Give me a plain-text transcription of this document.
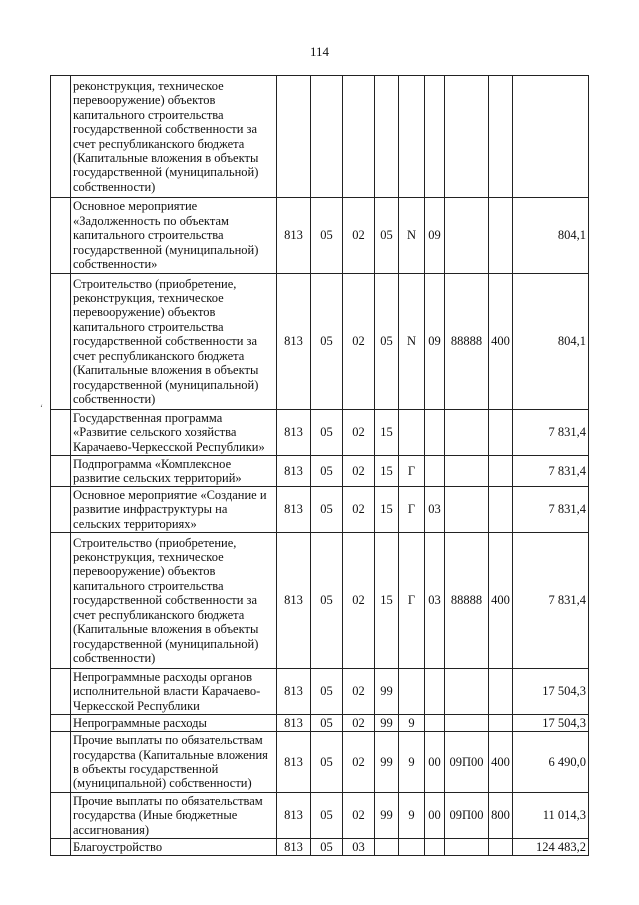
114
‘
	реконструкция, техническое перевооружение) объектов капитального строительства государственной собственности за счет республиканского бюджета (Капитальные вложения в объекты государственной (муниципальной) собственности)									
	Основное мероприятие «Задолженность по объектам капитального строительства государственной (муниципальной) собственности»	813	05	02	05	N	09			804,1
	Строительство (приобретение, реконструкция, техническое перевооружение) объектов капитального строительства государственной собственности за счет республиканского бюджета (Капитальные вложения в объекты государственной (муниципальной) собственности)	813	05	02	05	N	09	88888	400	804,1
	Государственная программа «Развитие сельского хозяйства Карачаево-Черкесской Республики»	813	05	02	15					7 831,4
	Подпрограмма «Комплексное развитие сельских территорий»	813	05	02	15	Г				7 831,4
	Основное мероприятие «Создание и развитие инфраструктуры на сельских территориях»	813	05	02	15	Г	03			7 831,4
	Строительство (приобретение, реконструкция, техническое перевооружение) объектов капитального строительства государственной собственности за счет республиканского бюджета (Капитальные вложения в объекты государственной (муниципальной) собственности)	813	05	02	15	Г	03	88888	400	7 831,4
	Непрограммные расходы органов исполнительной власти Карачаево-Черкесской Республики	813	05	02	99					17 504,3
	Непрограммные расходы	813	05	02	99	9				17 504,3
	Прочие выплаты по обязательствам государства (Капитальные вложения в объекты государственной (муниципальной) собственности)	813	05	02	99	9	00	09П00	400	6 490,0
	Прочие выплаты по обязательствам государства (Иные бюджетные ассигнования)	813	05	02	99	9	00	09П00	800	11 014,3
	Благоустройство	813	05	03						124 483,2
